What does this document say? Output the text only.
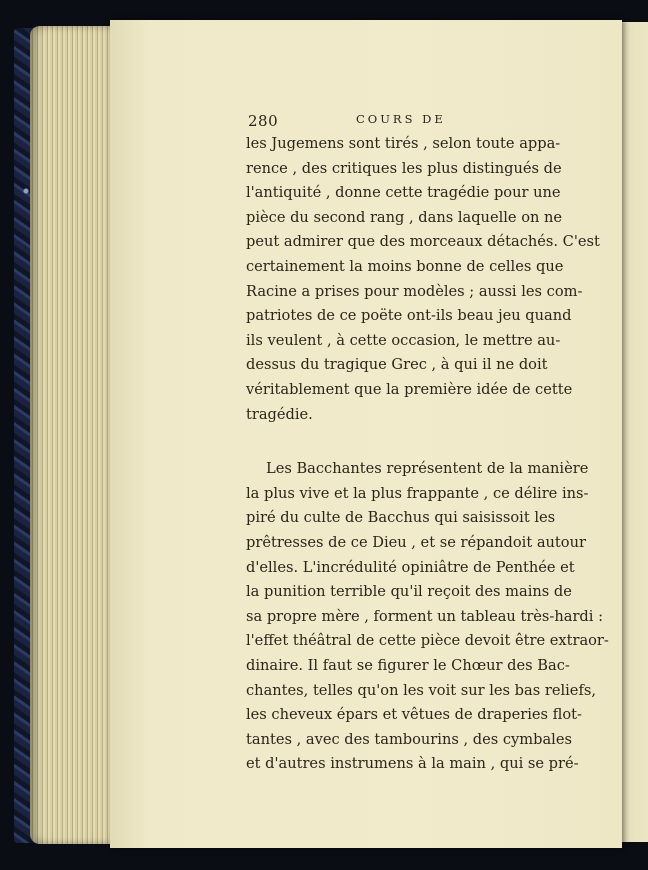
280	COURS DE
les Jugemens sont tirés , selon toute appa-
rence , des critiques les plus distingués de
l'antiquité , donne cette tragédie pour une
pièce du second rang , dans laquelle on ne
peut admirer que des morceaux détachés. C'est
certainement la moins bonne de celles que
Racine a prises pour modèles ; aussi les com-
patriotes de ce poëte ont-ils beau jeu quand
ils veulent , à cette occasion, le mettre au-
dessus du tragique Grec , à qui il ne doit
véritablement que la première idée de cette
tragédie.
Les Bacchantes représentent de la manière
la plus vive et la plus frappante , ce délire ins-
piré du culte de Bacchus qui saisissoit les
prêtresses de ce Dieu , et se répandoit autour
d'elles. L'incrédulité opiniâtre de Penthée et
la punition terrible qu'il reçoit des mains de
sa propre mère , forment un tableau très-hardi :
l'effet théâtral de cette pièce devoit être extraor-
dinaire. Il faut se figurer le Chœur des Bac-
chantes, telles qu'on les voit sur les bas reliefs,
les cheveux épars et vêtues de draperies flot-
tantes , avec des tambourins , des cymbales
et d'autres instrumens à la main , qui se pré-
